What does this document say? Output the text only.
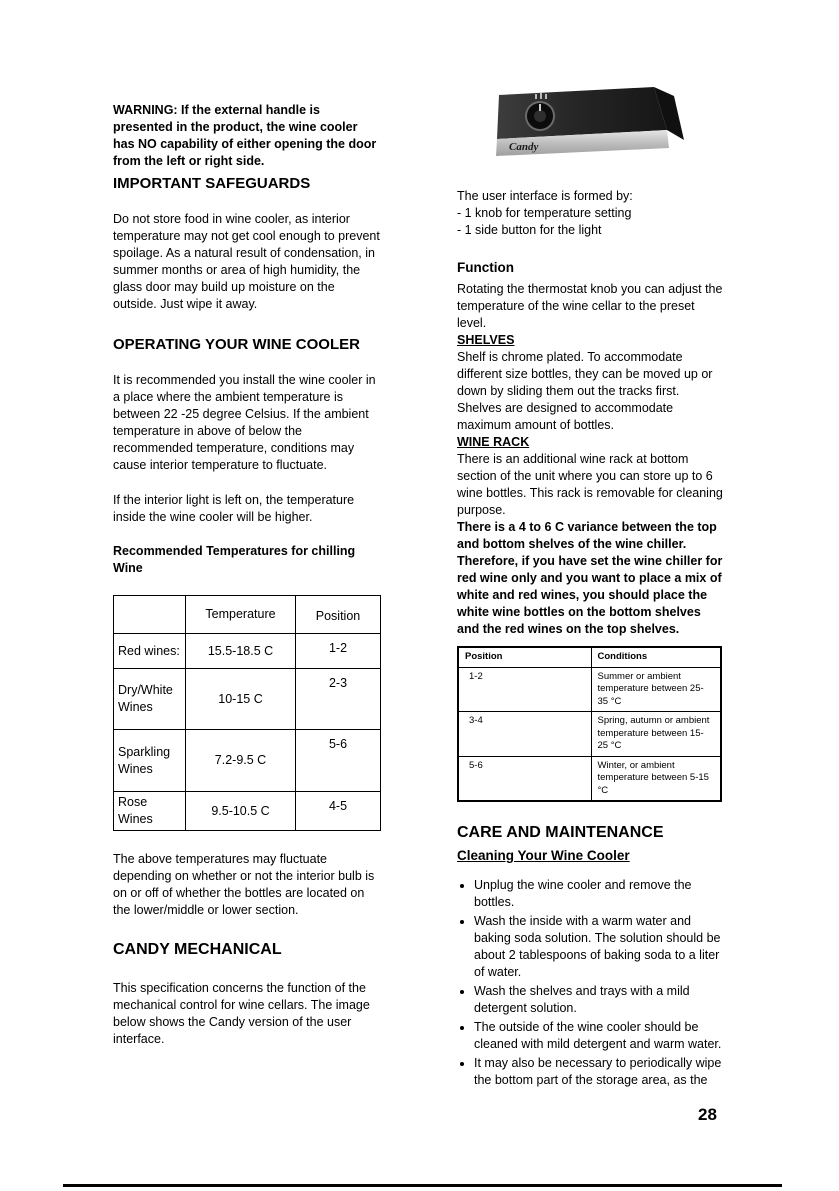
WARNING: If the external handle is presented in the product, the wine cooler has NO capability of either opening the door from the left or right side.

IMPORTANT SAFEGUARDS

Do not store food in wine cooler, as interior temperature may not get cool enough to prevent spoilage. As a natural result of condensation, in summer months or area of high humidity, the glass door may build up moisture on the outside. Just wipe it away.

OPERATING YOUR WINE COOLER

It is recommended you install the wine cooler in a place where the ambient temperature is between 22 -25 degree Celsius. If the ambient temperature in above of below the recommended temperature, conditions may cause interior temperature to fluctuate.

If the interior light is left on, the temperature inside the wine cooler will be higher.

Recommended Temperatures for chilling Wine

	Temperature	Position
Red wines:	15.5-18.5 C	1-2
Dry/White Wines	10-15 C	2-3
Sparkling Wines	7.2-9.5 C	5-6
Rose Wines	9.5-10.5 C	4-5

The above temperatures may fluctuate depending on whether or not the interior bulb is on or off of whether the bottles are located on the lower/middle or lower section.

CANDY MECHANICAL

This specification concerns the function of the mechanical control for wine cellars. The image below shows the Candy version of the user interface.

Candy

The user interface is formed by:

- 1 knob for temperature setting

- 1 side button for the light

Function

Rotating the thermostat knob you can adjust the temperature of the wine cellar to the preset level.

SHELVES

Shelf is chrome plated. To accommodate different size bottles, they can be moved up or down by sliding them out the tracks first. Shelves are designed to accommodate maximum amount of bottles.

WINE RACK

There is an additional wine rack at bottom section of the unit where you can store up to 6 wine bottles. This rack is removable for cleaning purpose.

There is a 4 to 6 C variance between the top and bottom shelves of the wine chiller. Therefore, if you have set the wine chiller for red wine only and you want to place a mix of white and red wines, you should place the white wine bottles on the bottom shelves and the red wines on the top shelves.

Position	Conditions
1-2	Summer or ambient temperature between 25-35 °C
3-4	Spring, autumn or ambient temperature between 15-25 °C
5-6	Winter, or ambient temperature between 5-15 °C
CARE AND MAINTENANCE
Cleaning Your Wine Cooler
• Unplug the wine cooler and remove the bottles.
• Wash the inside with a warm water and baking soda solution. The solution should be about 2 tablespoons of baking soda to a liter of water.
• Wash the shelves and trays with a mild detergent solution.
• The outside of the wine cooler should be cleaned with mild detergent and warm water.
• It may also be necessary to periodically wipe the bottom part of the storage area, as the
28
